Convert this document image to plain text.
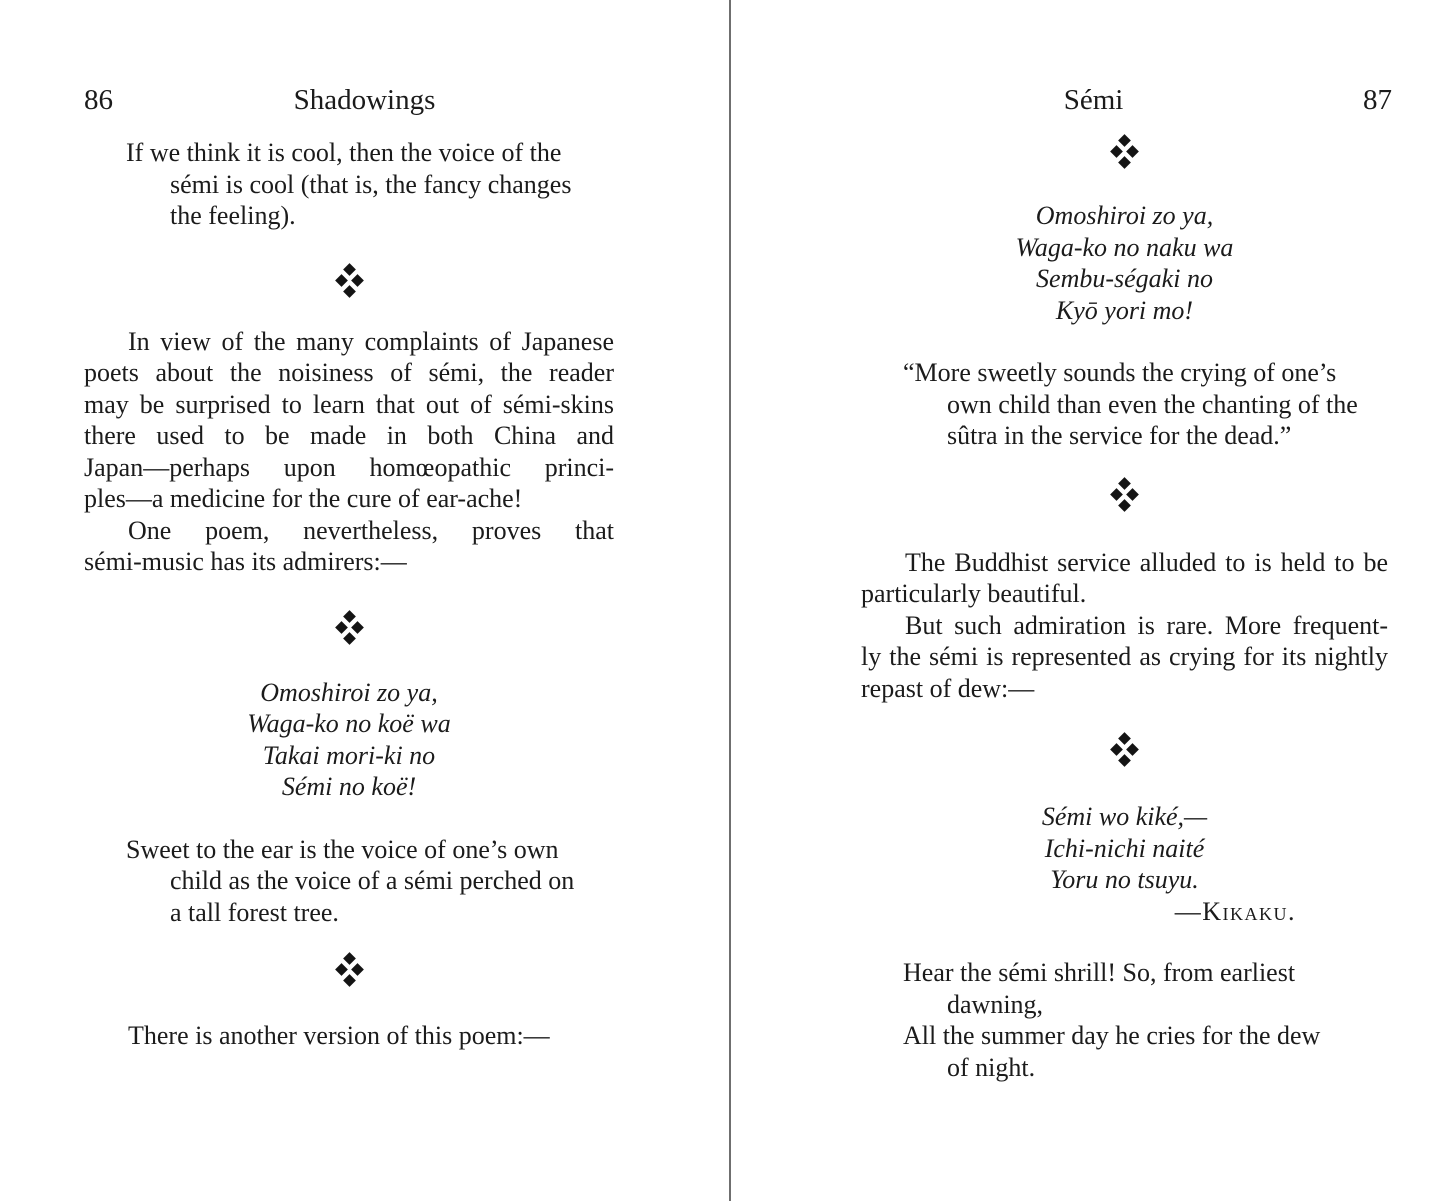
86	Shadowings
If we think it is cool, then the voice of the
sémi is cool (that is, the fancy changes
the feeling).
In view of the many complaints of Japanese
poets about the noisiness of sémi, the reader
may be surprised to learn that out of sémi-skins
there used to be made in both China and
Japan—perhaps upon homœopathic princi-
ples—a medicine for the cure of ear-ache!
One poem, nevertheless, proves that
sémi-music has its admirers:—
Omoshiroi zo ya,
Waga-ko no koë wa
Takai mori-ki no
Sémi no koë!
Sweet to the ear is the voice of one’s own
child as the voice of a sémi perched on
a tall forest tree.
There is another version of this poem:—
87
Sémi
Omoshiroi zo ya,
Waga-ko no naku wa
Sembu-ségaki no
Kyō yori mo!
“More sweetly sounds the crying of one’s
own child than even the chanting of the
sûtra in the service for the dead.”
The Buddhist service alluded to is held to be
particularly beautiful.
But such admiration is rare. More frequent-
ly the sémi is represented as crying for its nightly
repast of dew:—
Sémi wo kiké,—
Ichi-nichi naité
Yoru no tsuyu.
—Kikaku.
Hear the sémi shrill! So, from earliest
dawning,
All the summer day he cries for the dew
of night.
